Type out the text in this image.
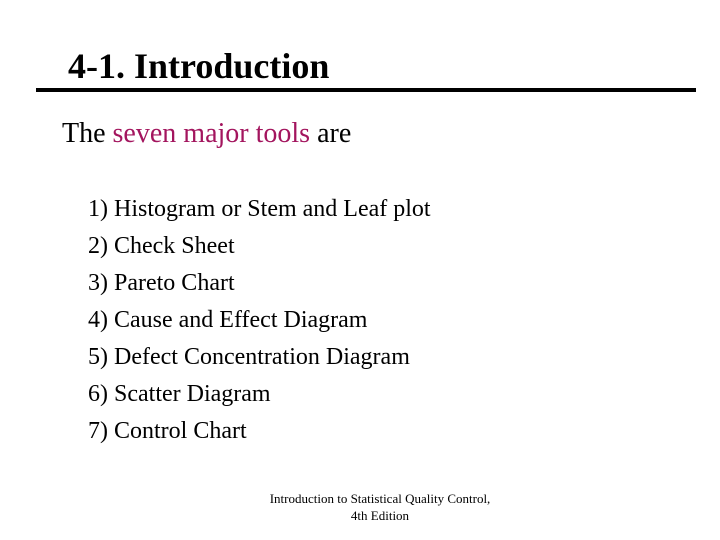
4-1. Introduction
The seven major tools are
1) Histogram or Stem and Leaf plot
2) Check Sheet
3) Pareto Chart
4) Cause and Effect Diagram
5) Defect Concentration Diagram
6) Scatter Diagram
7) Control Chart
Introduction to Statistical Quality Control,
4th Edition
